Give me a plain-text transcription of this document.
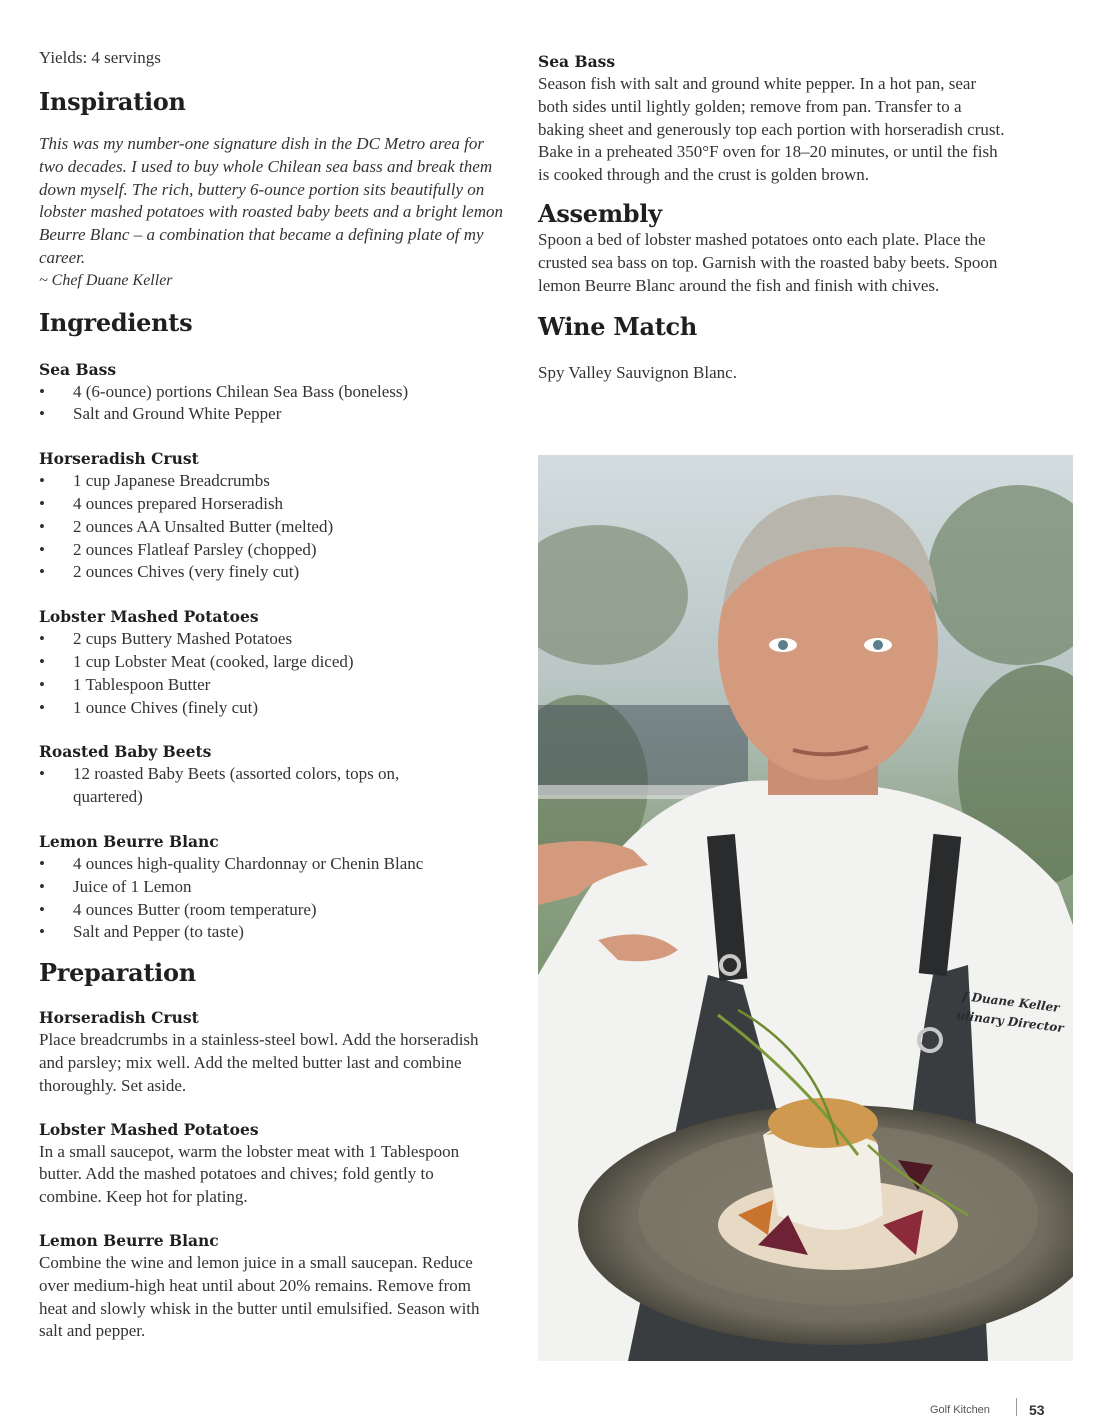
Yields: 4 servings

Inspiration

This was my number-one signature dish in the DC Metro area for two decades. I used to buy whole Chilean sea bass and break them down myself. The rich, buttery 6-ounce portion sits beautifully on lobster mashed potatoes with roasted baby beets and a bright lemon Beurre Blanc – a combination that became a defining plate of my career.

~ Chef Duane Keller

Ingredients
Sea Bass
• 4 (6-ounce) portions Chilean Sea Bass (boneless)
• Salt and Ground White Pepper
Horseradish Crust
• 1 cup Japanese Breadcrumbs
• 4 ounces prepared Horseradish
• 2 ounces AA Unsalted Butter (melted)
• 2 ounces Flatleaf Parsley (chopped)
• 2 ounces Chives (very finely cut)
Lobster Mashed Potatoes
• 2 cups Buttery Mashed Potatoes
• 1 cup Lobster Meat (cooked, large diced)
• 1 Tablespoon Butter
• 1 ounce Chives (finely cut)
Roasted Baby Beets
• 12 roasted Baby Beets (assorted colors, tops on, quartered)
Lemon Beurre Blanc
• 4 ounces high-quality Chardonnay or Chenin Blanc
• Juice of 1 Lemon
• 4 ounces Butter (room temperature)
• Salt and Pepper (to taste)
Preparation
Horseradish Crust

Place breadcrumbs in a stainless-steel bowl. Add the horseradish and parsley; mix well. Add the melted butter last and combine thoroughly. Set aside.

Lobster Mashed Potatoes

In a small saucepot, warm the lobster meat with 1 Tablespoon butter. Add the mashed potatoes and chives; fold gently to combine. Keep hot for plating.

Lemon Beurre Blanc

Combine the wine and lemon juice in a small saucepan. Reduce over medium-high heat until about 20% remains. Remove from heat and slowly whisk in the butter until emulsified. Season with salt and pepper.

Sea Bass

Season fish with salt and ground white pepper. In a hot pan, sear both sides until lightly golden; remove from pan. Transfer to a baking sheet and generously top each portion with horseradish crust. Bake in a preheated 350°F oven for 18–20 minutes, or until the fish is cooked through and the crust is golden brown.

Assembly

Spoon a bed of lobster mashed potatoes onto each plate. Place the crusted sea bass on top. Garnish with the roasted baby beets. Spoon lemon Beurre Blanc around the fish and finish with chives.

Wine Match

Spy Valley Sauvignon Blanc.

f Duane Keller
ulinary Director
Golf Kitchen	53
